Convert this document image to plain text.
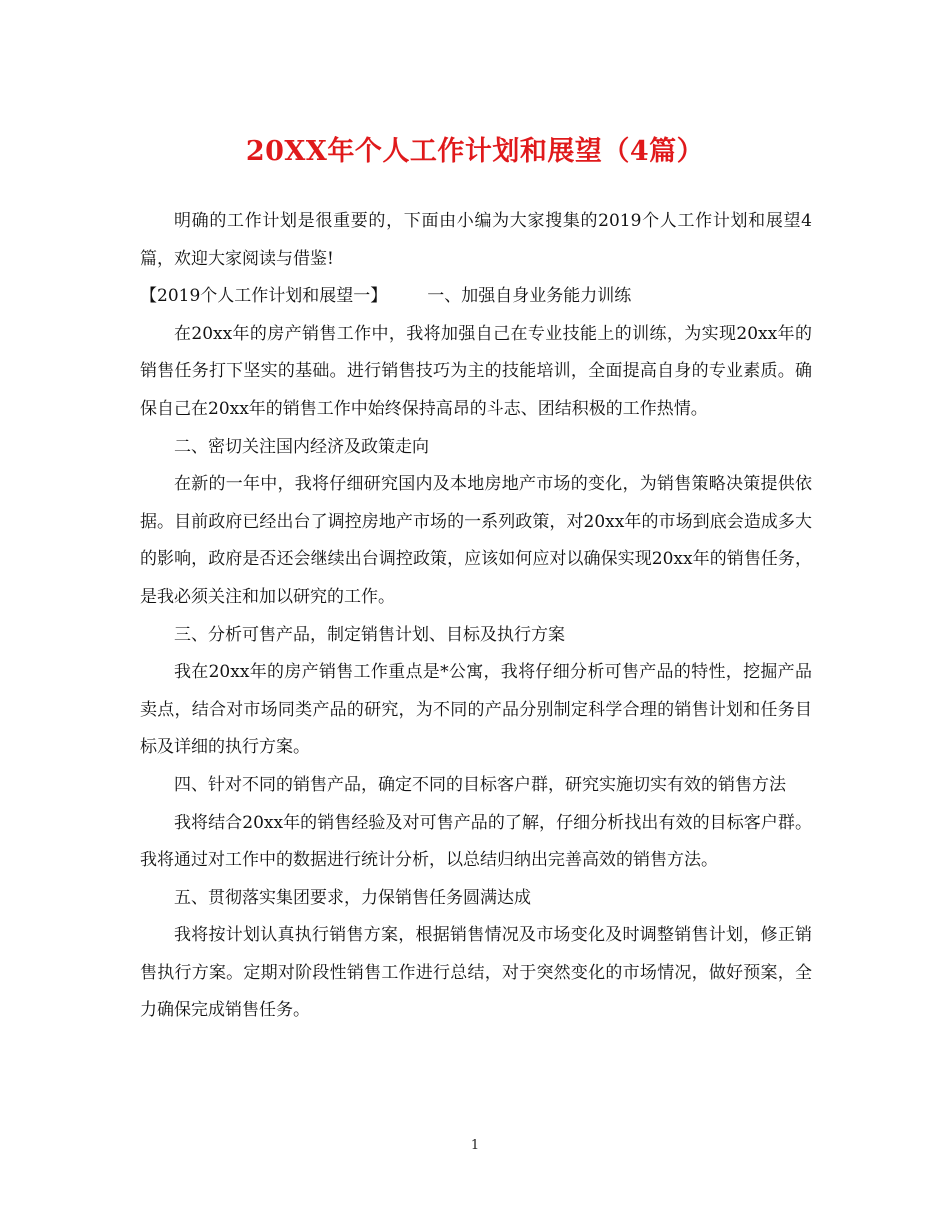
20XX年个人工作计划和展望（4篇）

明确的工作计划是很重要的，下面由小编为大家搜集的2019个人工作计划和展望4篇，欢迎大家阅读与借鉴!

【2019个人工作计划和展望一】 一、加强自身业务能力训练

在20xx年的房产销售工作中，我将加强自己在专业技能上的训练，为实现20xx年的销售任务打下坚实的基础。进行销售技巧为主的技能培训，全面提高自身的专业素质。确保自己在20xx年的销售工作中始终保持高昂的斗志、团结积极的工作热情。

二、密切关注国内经济及政策走向

在新的一年中，我将仔细研究国内及本地房地产市场的变化，为销售策略决策提供依据。目前政府已经出台了调控房地产市场的一系列政策，对20xx年的市场到底会造成多大的影响，政府是否还会继续出台调控政策，应该如何应对以确保实现20xx年的销售任务，是我必须关注和加以研究的工作。

三、分析可售产品，制定销售计划、目标及执行方案

我在20xx年的房产销售工作重点是*公寓，我将仔细分析可售产品的特性，挖掘产品卖点，结合对市场同类产品的研究，为不同的产品分别制定科学合理的销售计划和任务目标及详细的执行方案。

四、针对不同的销售产品，确定不同的目标客户群，研究实施切实有效的销售方法

我将结合20xx年的销售经验及对可售产品的了解，仔细分析找出有效的目标客户群。我将通过对工作中的数据进行统计分析，以总结归纳出完善高效的销售方法。

五、贯彻落实集团要求，力保销售任务圆满达成

我将按计划认真执行销售方案，根据销售情况及市场变化及时调整销售计划，修正销售执行方案。定期对阶段性销售工作进行总结，对于突然变化的市场情况，做好预案，全力确保完成销售任务。

1
